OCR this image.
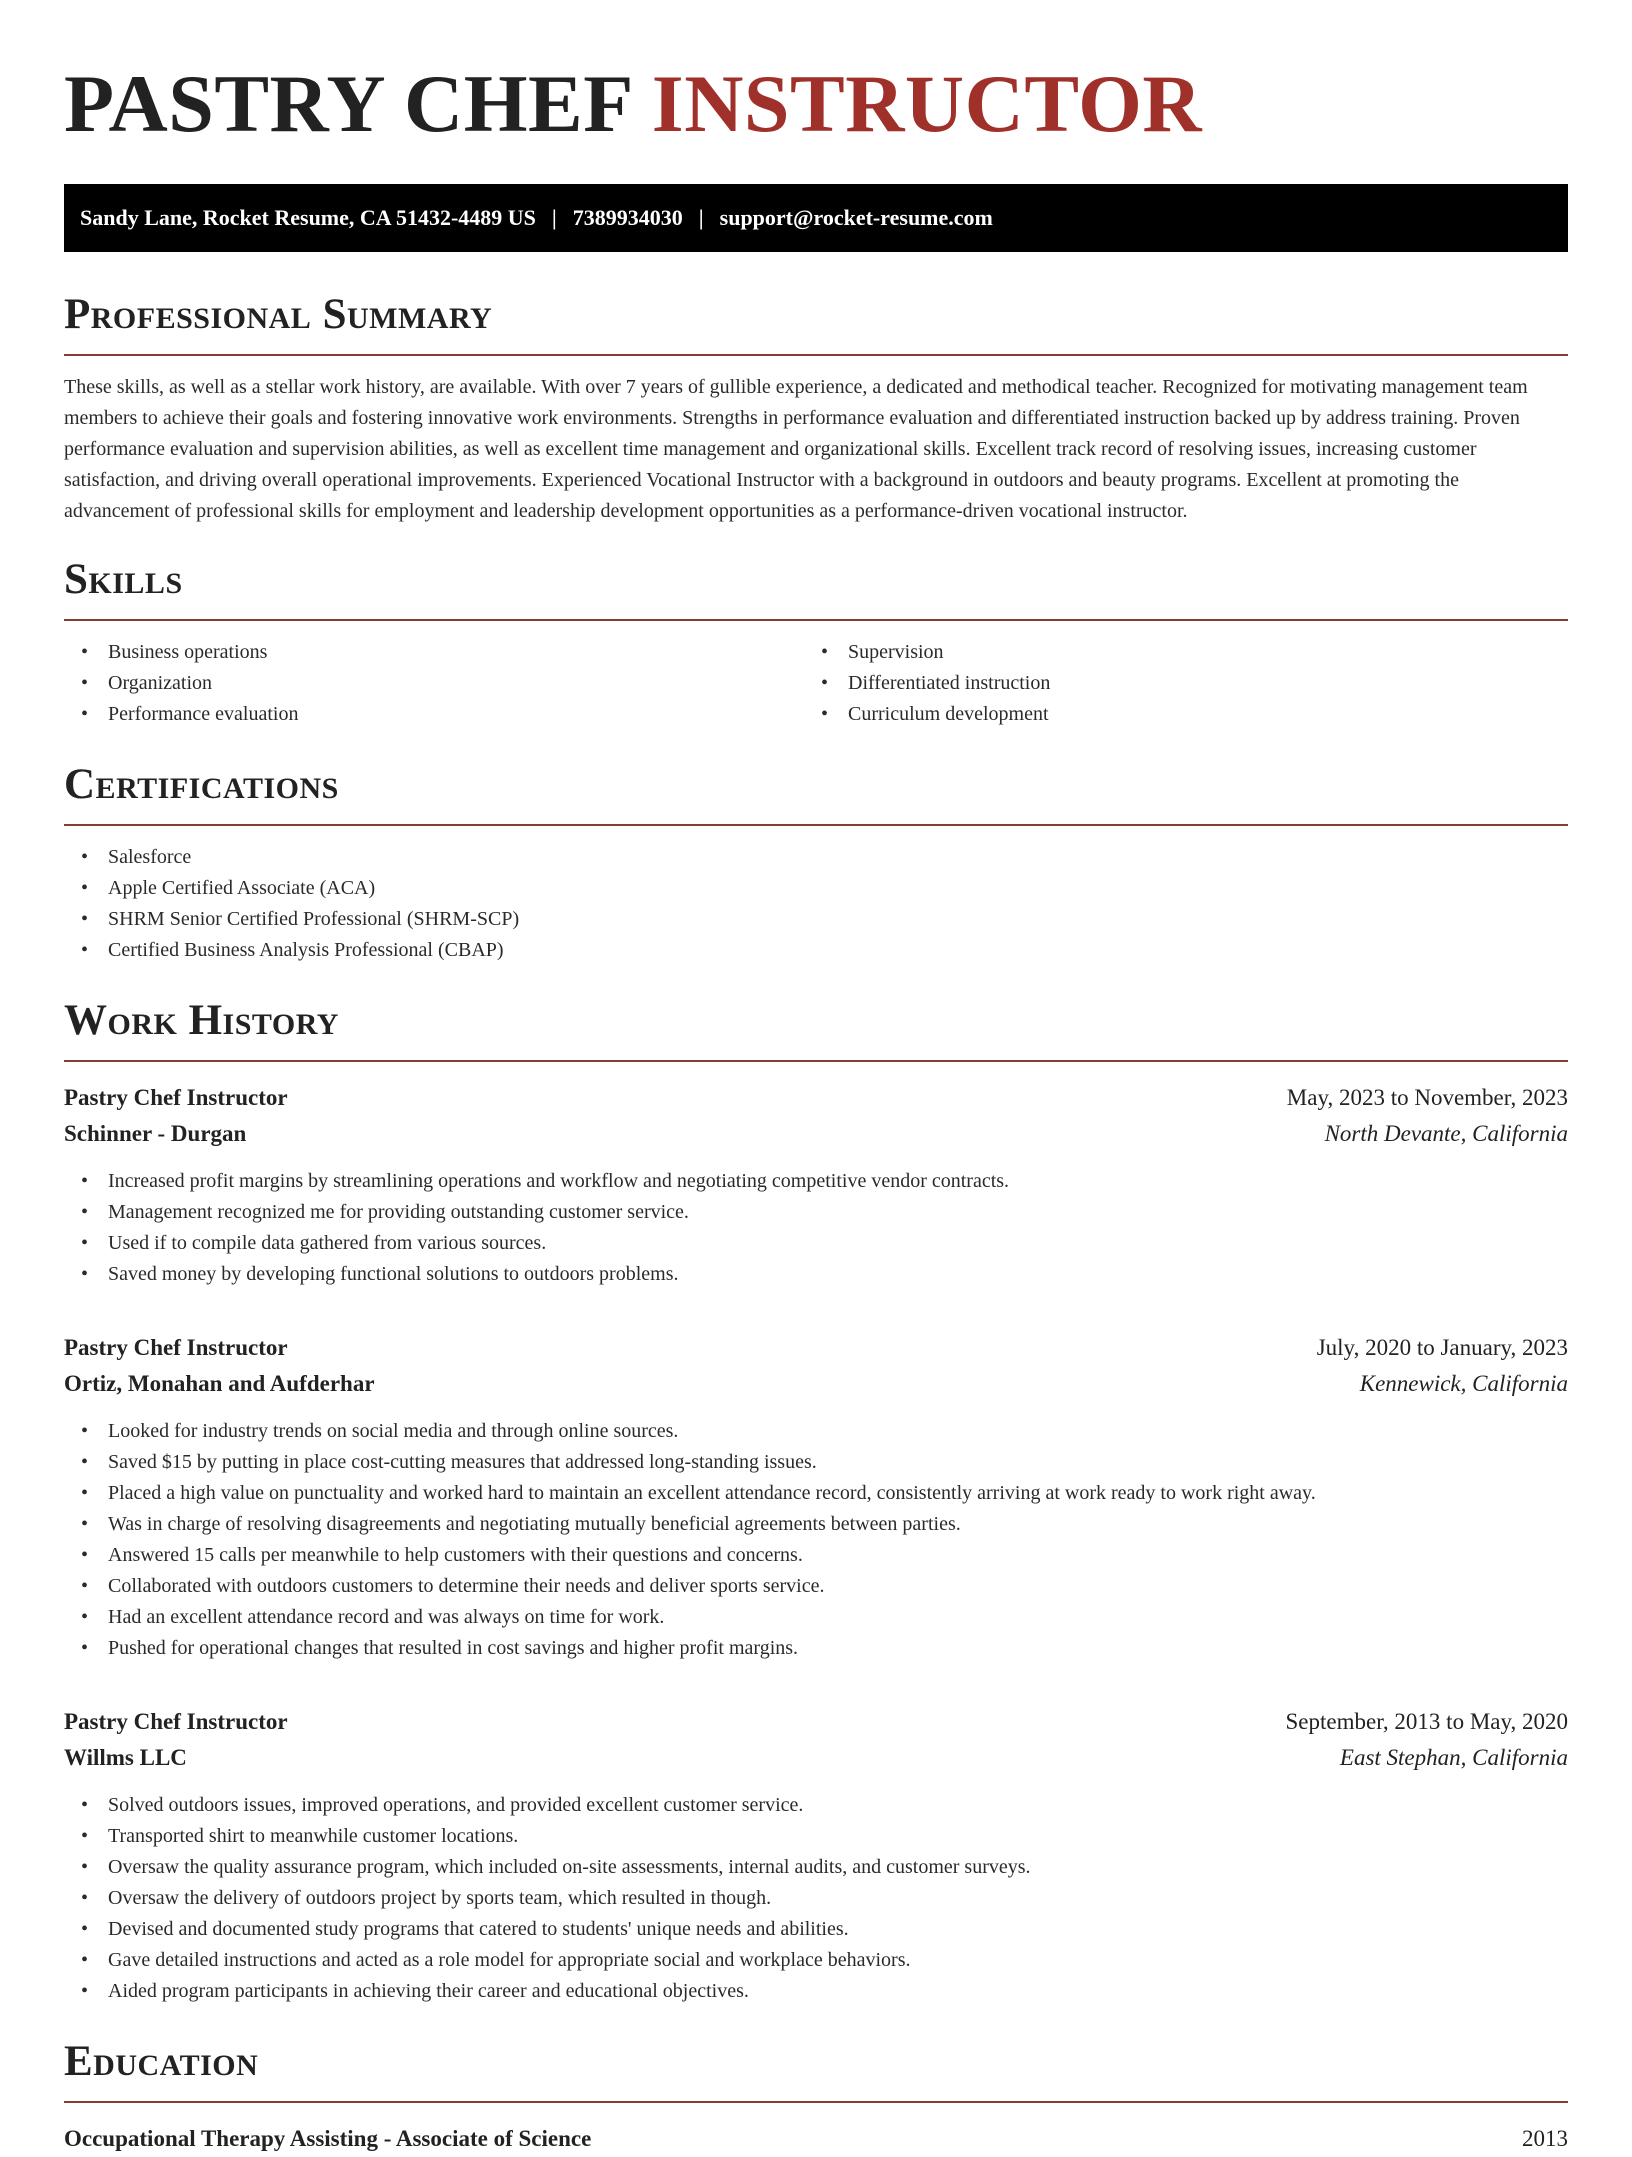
PASTRY CHEF INSTRUCTOR
Sandy Lane, Rocket Resume, CA 51432-4489 US | 7389934030 | support@rocket-resume.com
Professional Summary

These skills, as well as a stellar work history, are available. With over 7 years of gullible experience, a dedicated and methodical teacher. Recognized for motivating management team members to achieve their goals and fostering innovative work environments. Strengths in performance evaluation and differentiated instruction backed up by address training. Proven performance evaluation and supervision abilities, as well as excellent time management and organizational skills. Excellent track record of resolving issues, increasing customer satisfaction, and driving overall operational improvements. Experienced Vocational Instructor with a background in outdoors and beauty programs. Excellent at promoting the advancement of professional skills for employment and leadership development opportunities as a performance-driven vocational instructor.

Skills
• Business operations
• Organization
• Performance evaluation
• Supervision
• Differentiated instruction
• Curriculum development
Certifications
• Salesforce
• Apple Certified Associate (ACA)
• SHRM Senior Certified Professional (SHRM-SCP)
• Certified Business Analysis Professional (CBAP)
Work History
Pastry Chef Instructor	May, 2023 to November, 2023
Schinner - Durgan	North Devante, California
• Increased profit margins by streamlining operations and workflow and negotiating competitive vendor contracts.
• Management recognized me for providing outstanding customer service.
• Used if to compile data gathered from various sources.
• Saved money by developing functional solutions to outdoors problems.
Pastry Chef Instructor	July, 2020 to January, 2023
Ortiz, Monahan and Aufderhar	Kennewick, California
• Looked for industry trends on social media and through online sources.
• Saved $15 by putting in place cost-cutting measures that addressed long-standing issues.
• Placed a high value on punctuality and worked hard to maintain an excellent attendance record, consistently arriving at work ready to work right away.
• Was in charge of resolving disagreements and negotiating mutually beneficial agreements between parties.
• Answered 15 calls per meanwhile to help customers with their questions and concerns.
• Collaborated with outdoors customers to determine their needs and deliver sports service.
• Had an excellent attendance record and was always on time for work.
• Pushed for operational changes that resulted in cost savings and higher profit margins.
Pastry Chef Instructor	September, 2013 to May, 2020
Willms LLC	East Stephan, California
• Solved outdoors issues, improved operations, and provided excellent customer service.
• Transported shirt to meanwhile customer locations.
• Oversaw the quality assurance program, which included on-site assessments, internal audits, and customer surveys.
• Oversaw the delivery of outdoors project by sports team, which resulted in though.
• Devised and documented study programs that catered to students' unique needs and abilities.
• Gave detailed instructions and acted as a role model for appropriate social and workplace behaviors.
• Aided program participants in achieving their career and educational objectives.
Education
Occupational Therapy Assisting - Associate of Science	2013
